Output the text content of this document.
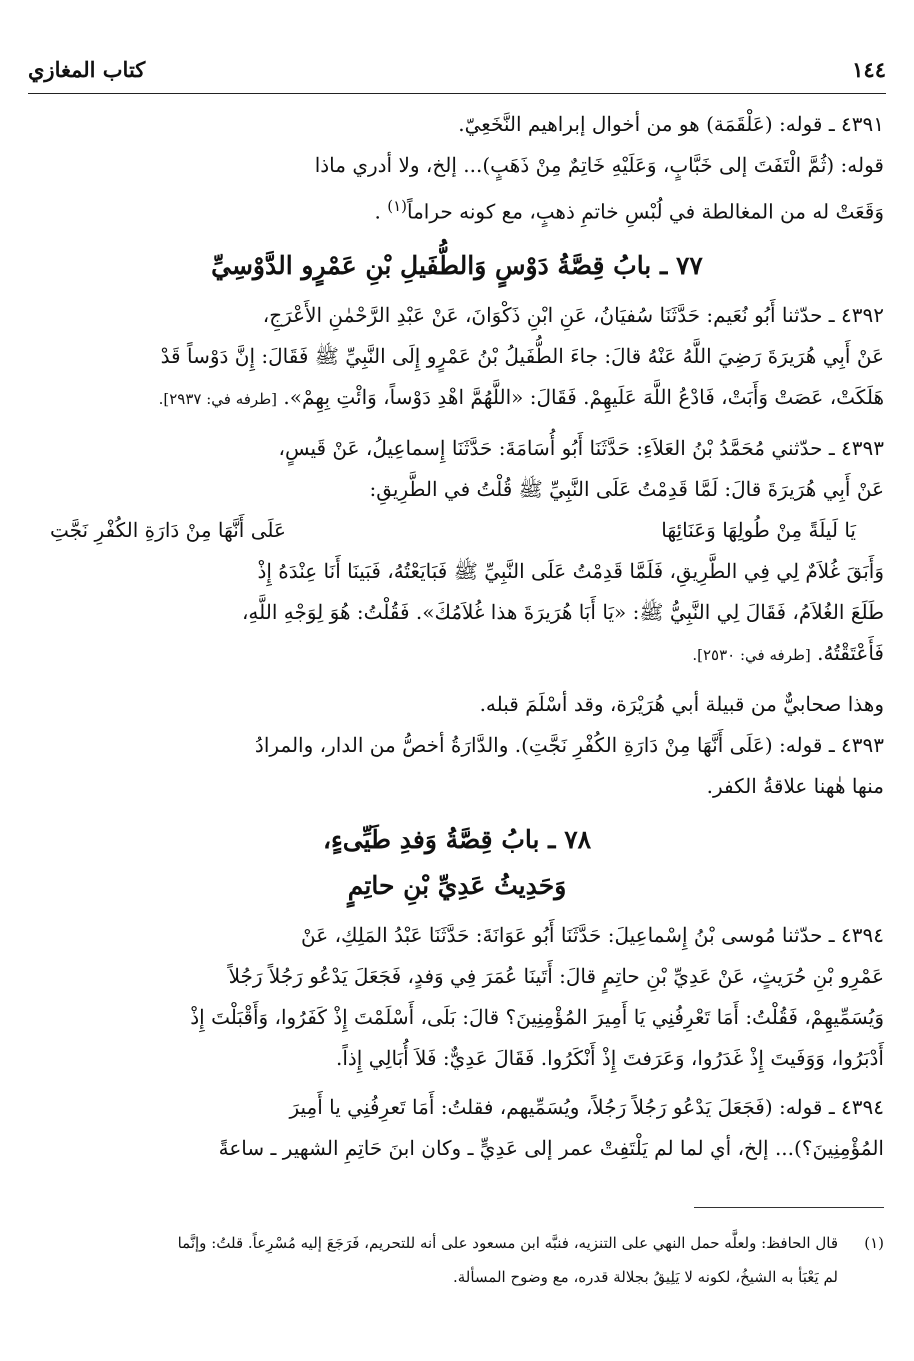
١٤٤
كتاب المغازي

٤٣٩١ ـ قوله: (عَلْقَمَة) هو من أخوال إبراهيم النَّخَعِيّ.

قوله: (ثُمَّ الْتَفَتَ إلى خَبَّابٍ، وَعَلَيْهِ خَاتِمٌ مِنْ ذَهَبٍ)... إلخ، ولا أدري ماذا

وَقَعَتْ له من المغالطة في لُبْسِ خاتمِ ذهبٍ، مع كونه حراماً$^{(١)}$ .

٧٧ ـ بابُ قِصَّةُ دَوْسٍ وَالطُّفَيلِ بْنِ عَمْرٍو الدَّوْسِيِّ

٤٣٩٢ ـ حدّثنا أَبُو نُعَيم: حَدَّثَنَا سُفيَانُ، عَنِ ابْنِ ذَكْوَانَ، عَنْ عَبْدِ الرَّحْمٰنِ الأَعْرَجِ،

عَنْ أَبِي هُرَيرَةَ رَضِيَ اللَّهُ عَنْهُ قالَ: جاءَ الطُّفَيلُ بْنُ عَمْرٍو إِلَى النَّبِيِّ ﷺ فَقَالَ: إِنَّ دَوْساً قَدْ

هَلَكَتْ، عَصَتْ وَأَبَتْ، فَادْعُ اللَّهَ عَلَيهِمْ. فَقَالَ: «اللَّهُمَّ اهْدِ دَوْساً، وَائْتِ بِهِمْ». [طرفه في: ٢٩٣٧].

٤٣٩٣ ـ حدّثني مُحَمَّدُ بْنُ العَلاَءِ: حَدَّثَنَا أَبُو أُسَامَةَ: حَدَّثَنَا إِسماعِيلُ، عَنْ قَيسٍ،

عَنْ أَبِي هُرَيرَةَ قالَ: لَمَّا قَدِمْتُ عَلَى النَّبِيِّ ﷺ قُلْتُ في الطَّرِيقِ:

يَا لَيلَةً مِنْ طُولِهَا وَعَنَائِهَا
عَلَى أَنَّهَا مِنْ دَارَةِ الكُفْرِ نَجَّتِ

وَأَبَقَ غُلاَمٌ لِي فِي الطَّرِيقِ، فَلَمَّا قَدِمْتُ عَلَى النَّبِيِّ ﷺ فَبَايَعْتُهُ، فَبَينَا أَنَا عِنْدَهُ إِذْ

طَلَعَ الغُلاَمُ، فَقَالَ لِي النَّبِيُّ ﷺ: «يَا أَبَا هُرَيرَةَ هذا غُلاَمُكَ». فَقُلْتُ: هُوَ لِوَجْهِ اللَّهِ،

فَأَعْتَقْتُهُ. [طرفه في: ٢٥٣٠].

وهذا صحابيٌّ من قبيلة أبي هُرَيْرَة، وقد أسْلَمَ قبله.

٤٣٩٣ ـ قوله: (عَلَى أَنَّهَا مِنْ دَارَةِ الكُفْرِ نَجَّتِ). والدَّارَةُ أخصُّ من الدار، والمرادُ

منها هٰهنا علاقةُ الكفر.

٧٨ ـ بابُ قِصَّةُ وَفدِ طَيِّىءٍ،
وَحَدِيثُ عَدِيِّ بْنِ حاتِمٍ

٤٣٩٤ ـ حدّثنا مُوسى بْنُ إِسْماعِيلَ: حَدَّثَنَا أَبُو عَوَانَةَ: حَدَّثَنَا عَبْدُ المَلِكِ، عَنْ

عَمْرِو بْنِ حُرَيثٍ، عَنْ عَدِيِّ بْنِ حاتِمٍ قالَ: أَتَينَا عُمَرَ فِي وَفدٍ، فَجَعَلَ يَدْعُو رَجُلاً رَجُلاً

وَيُسَمِّيهِمْ، فَقُلْتُ: أَمَا تَعْرِفُنِي يَا أَمِيرَ المُؤْمِنِينَ؟ قالَ: بَلَى، أَسْلَمْتَ إِذْ كَفَرُوا، وَأَقْبَلْتَ إِذْ

أَدْبَرُوا، وَوَفَيتَ إِذْ غَدَرُوا، وَعَرَفتَ إِذْ أَنْكَرُوا. فَقَالَ عَدِيٌّ: فَلاَ أُبَالِي إِذاً.

٤٣٩٤ ـ قوله: (فَجَعَلَ يَدْعُو رَجُلاً رَجُلاً، ويُسَمِّيهم، فقلتُ: أَمَا تَعرِفُنِي يا أَمِيرَ

المُؤْمِنِينَ؟)... إلخ، أي لما لم يَلْتَفِتْ عمر إلى عَدِيٍّ ـ وكان ابنَ حَاتِمِ الشهير ـ ساعةً

(١)قال الحافظ: ولعلَّه حمل النهي على التنزيه، فنبَّه ابن مسعود على أنه للتحريم، فَرَجَعَ إليه مُسْرِعاً. قلتُ: وإنَّما

لم يَعْبَأ به الشيخُ، لكونه لا يَلِيقُ بجلالة قدره، مع وضوح المسألة.
